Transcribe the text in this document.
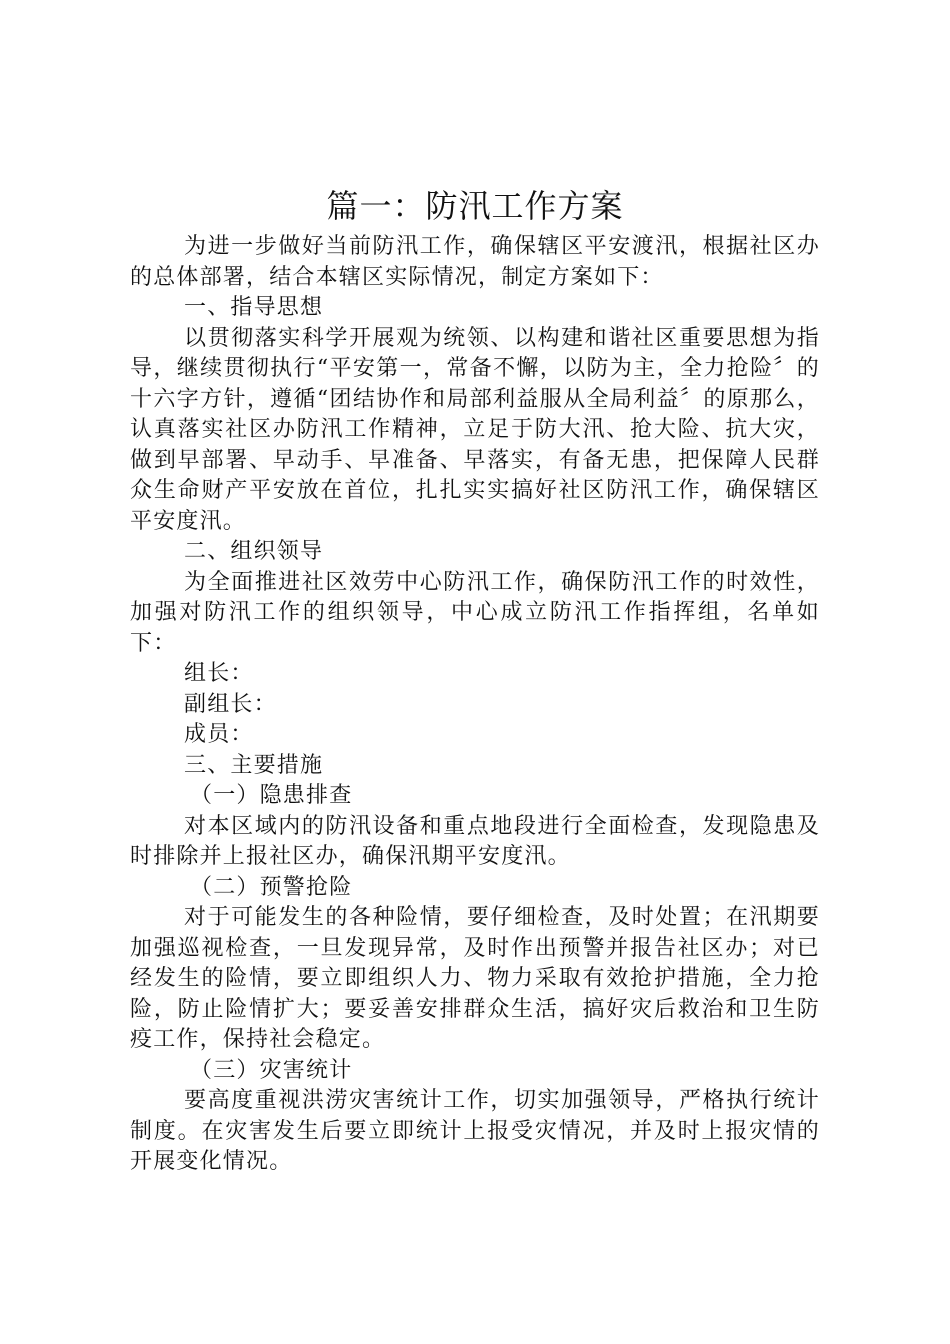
篇一：防汛工作方案

为进一步做好当前防汛工作，确保辖区平安渡汛，根据社区办的总体部署，结合本辖区实际情况，制定方案如下：

一、指导思想

以贯彻落实科学开展观为统领、以构建和谐社区重要思想为指导，继续贯彻执行“平安第一，常备不懈，以防为主，全力抢险〞的十六字方针，遵循“团结协作和局部利益服从全局利益〞的原那么，认真落实社区办防汛工作精神，立足于防大汛、抢大险、抗大灾，做到早部署、早动手、早准备、早落实，有备无患，把保障人民群众生命财产平安放在首位，扎扎实实搞好社区防汛工作，确保辖区平安度汛。

二、组织领导

为全面推进社区效劳中心防汛工作，确保防汛工作的时效性，加强对防汛工作的组织领导，中心成立防汛工作指挥组，名单如下：

组长：

副组长：

成员：

三、主要措施

（一）隐患排查

对本区域内的防汛设备和重点地段进行全面检查，发现隐患及时排除并上报社区办，确保汛期平安度汛。

（二）预警抢险

对于可能发生的各种险情，要仔细检查，及时处置；在汛期要加强巡视检查，一旦发现异常，及时作出预警并报告社区办；对已经发生的险情，要立即组织人力、物力采取有效抢护措施，全力抢险，防止险情扩大；要妥善安排群众生活，搞好灾后救治和卫生防疫工作，保持社会稳定。

（三）灾害统计

要高度重视洪涝灾害统计工作，切实加强领导，严格执行统计制度。在灾害发生后要立即统计上报受灾情况，并及时上报灾情的开展变化情况。
